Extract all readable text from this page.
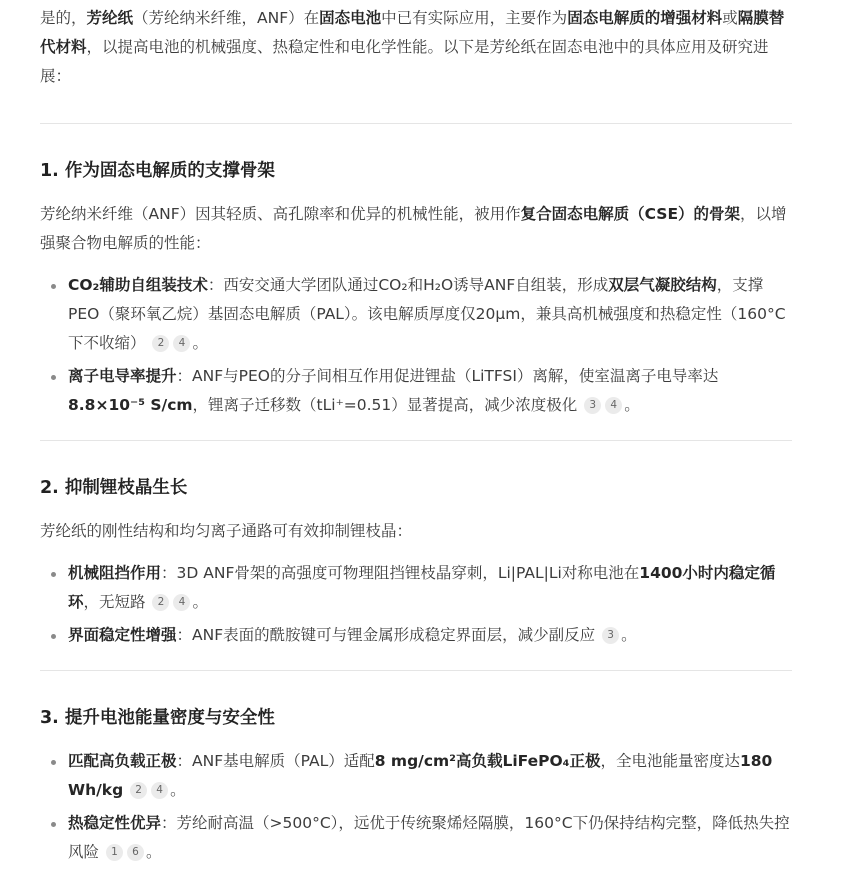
是的，芳纶纸（芳纶纳米纤维，ANF）在固态电池中已有实际应用，主要作为固态电解质的增强材料或隔膜替代材料，以提高电池的机械强度、热稳定性和电化学性能。以下是芳纶纸在固态电池中的具体应用及研究进展：

1. 作为固态电解质的支撑骨架

芳纶纳米纤维（ANF）因其轻质、高孔隙率和优异的机械性能，被用作复合固态电解质（CSE）的骨架，以增强聚合物电解质的性能：

CO₂辅助自组装技术：西安交通大学团队通过CO₂和H₂O诱导ANF自组装，形成双层气凝胶结构，支撑PEO（聚环氧乙烷）基固态电解质（PAL）。该电解质厚度仅20μm，兼具高机械强度和热稳定性（160°C下不收缩） 2 4 。
离子电导率提升：ANF与PEO的分子间相互作用促进锂盐（LiTFSI）离解，使室温离子电导率达8.8×10⁻⁵ S/cm，锂离子迁移数（tLi⁺=0.51）显著提高，减少浓度极化 3 4 。
2. 抑制锂枝晶生长

芳纶纸的刚性结构和均匀离子通路可有效抑制锂枝晶：

机械阻挡作用：3D ANF骨架的高强度可物理阻挡锂枝晶穿刺，Li|PAL|Li对称电池在1400小时内稳定循环，无短路 2 4 。
界面稳定性增强：ANF表面的酰胺键可与锂金属形成稳定界面层，减少副反应 3 。
3. 提升电池能量密度与安全性
匹配高负载正极：ANF基电解质（PAL）适配8 mg/cm²高负载LiFePO₄正极，全电池能量密度达180 Wh/kg 2 4 。
热稳定性优异：芳纶耐高温（>500°C），远优于传统聚烯烃隔膜，160°C下仍保持结构完整，降低热失控风险 1 6 。
